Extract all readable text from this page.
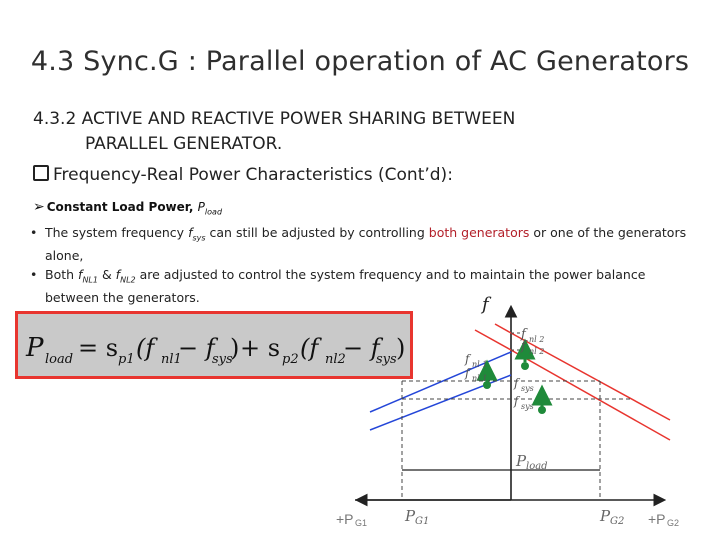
4.3 Sync.G : Parallel operation of AC Generators
4.3.2 ACTIVE AND REACTIVE POWER SHARING BETWEEN
PARALLEL GENERATOR.
Frequency-Real Power Characteristics (Cont’d):
➢ Constant Load Power, $P_{load}$
• The system frequency $f_{sys}$ can still be adjusted by controlling both generators or one of the generators alone,
• Both $f_{NL1}$ & $f_{NL2}$ are adjusted to control the system frequency and to maintain the power balance between the generators.
P load = s p1 (f nl1
− f
sys
) + s p2 (f nl2
− f
sys )
f
f nl 2
f nl 2
f nl 1
f nl 1 f sys
f sys
P load
P G1	P G2
+P G1	+P G2
